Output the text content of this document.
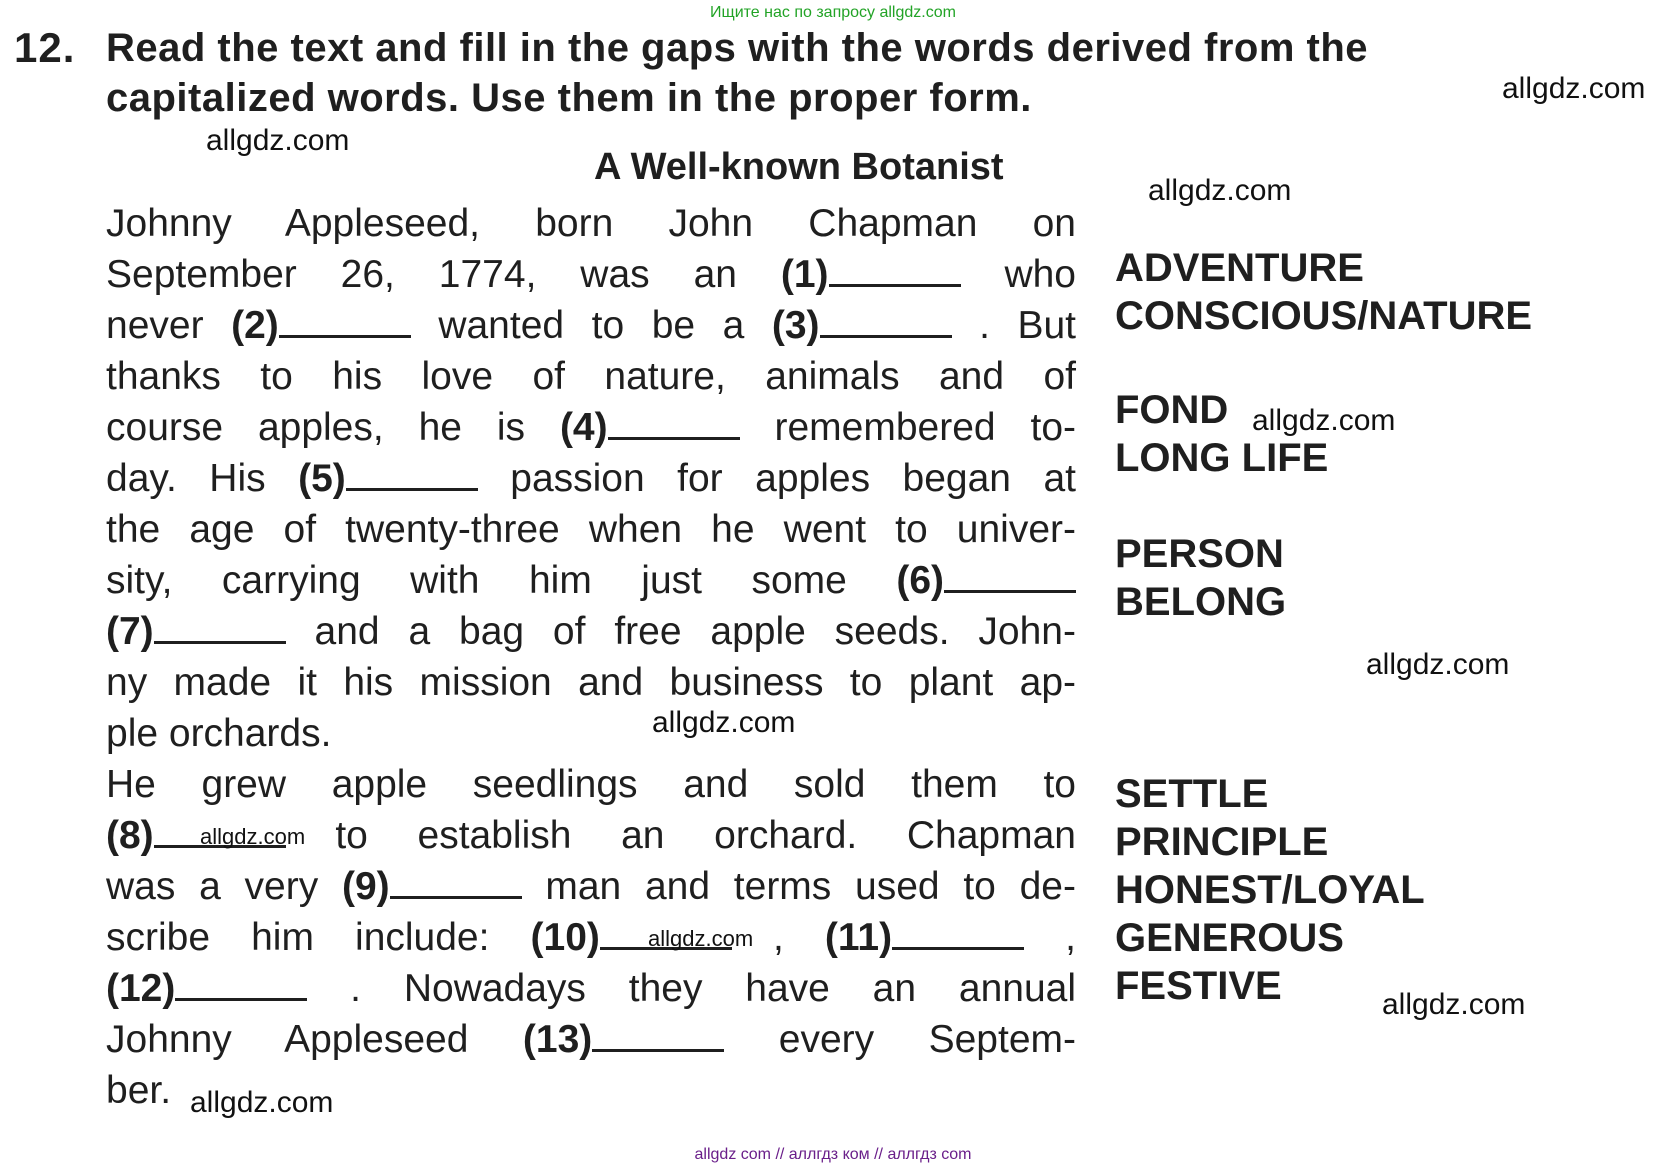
Ищите нас по запросу allgdz.com
12. Read the text and fill in the gaps with the words derived from the
capitalized words. Use them in the proper form.
A Well-known Botanist
Johnny Appleseed, born John Chapman on
September 26, 1774, was an (1)	who
never (2)	wanted to be a (3)	. But
thanks to his love of nature, animals and of
course apples, he is (4)	remembered to-
day. His (5)	passion for apples began at
the age of twenty-three when he went to univer-
sity, carrying with him just some (6)
(7)	and a bag of free apple seeds. John-
ny made it his mission and business to plant ap-
ple orchards.
He grew apple seedlings and sold them to
(8)	to establish an orchard. Chapman
was a very (9)	man and terms used to de-
scribe him include: (10)	, (11)	,
(12)	. Nowadays they have an annual
Johnny Appleseed (13)	every Septem-
ber.
ADVENTURE
CONSCIOUS/NATURE
FOND
LONG LIFE
PERSON
BELONG
SETTLE
PRINCIPLE
HONEST/LOYAL
GENEROUS
FESTIVE
allgdz.com
allgdz.com
allgdz.com
allgdz.com
allgdz.com
allgdz.com
allgdz.com
allgdz.com
allgdz.com
allgdz.com
allgdz com // аллгдз ком // аллгдз com
